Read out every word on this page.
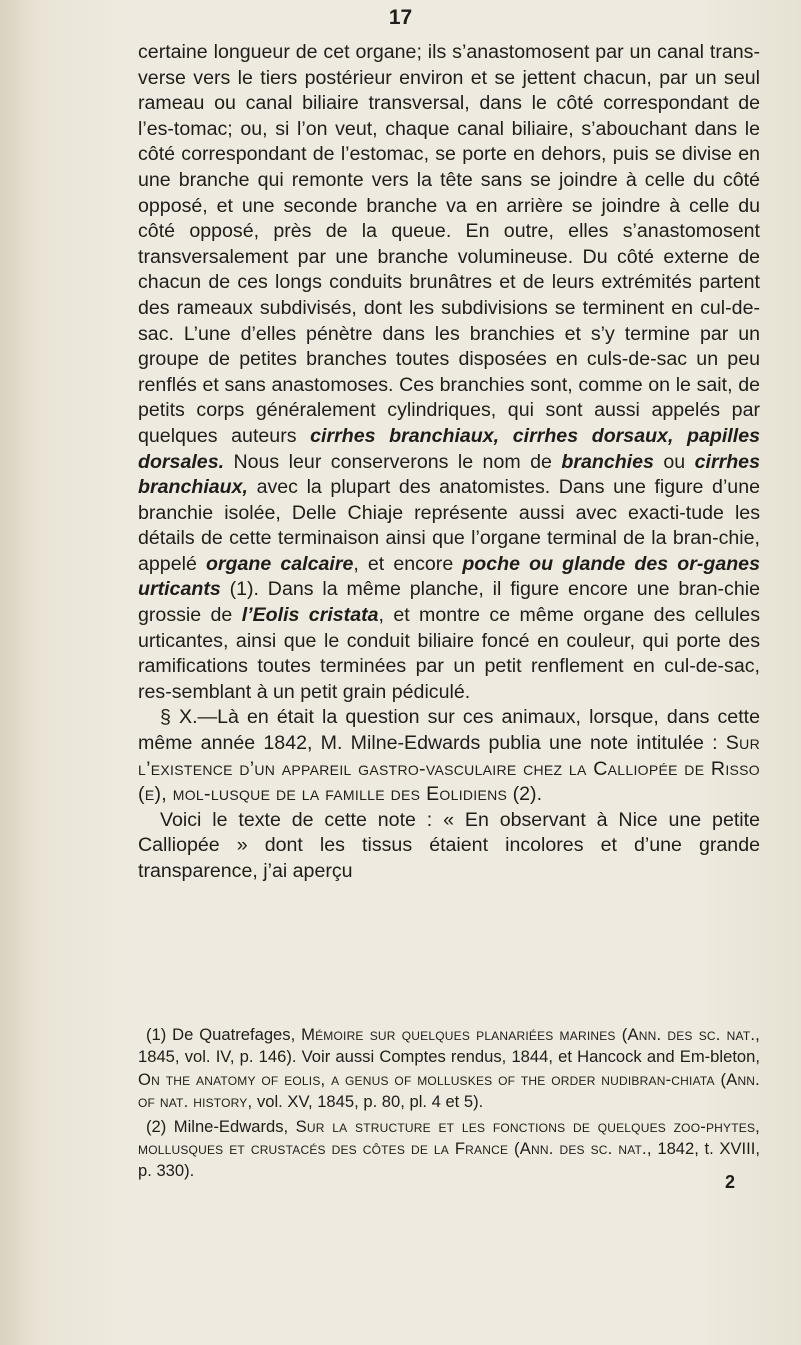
17

certaine longueur de cet organe; ils s’anastomosent par un canal trans-verse vers le tiers postérieur environ et se jettent chacun, par un seul rameau ou canal biliaire transversal, dans le côté correspondant de l’es-tomac; ou, si l’on veut, chaque canal biliaire, s’abouchant dans le côté correspondant de l’estomac, se porte en dehors, puis se divise en une branche qui remonte vers la tête sans se joindre à celle du côté opposé, et une seconde branche va en arrière se joindre à celle du côté opposé, près de la queue. En outre, elles s’anastomosent transversalement par une branche volumineuse. Du côté externe de chacun de ces longs conduits brunâtres et de leurs extrémités partent des rameaux subdivisés, dont les subdivisions se terminent en cul-de-sac. L’une d’elles pénètre dans les branchies et s’y termine par un groupe de petites branches toutes disposées en culs-de-sac un peu renflés et sans anastomoses. Ces branchies sont, comme on le sait, de petits corps généralement cylindriques, qui sont aussi appelés par quelques auteurs cirrhes branchiaux, cirrhes dorsaux, papilles dorsales. Nous leur conserverons le nom de branchies ou cirrhes branchiaux, avec la plupart des anatomistes. Dans une figure d’une branchie isolée, Delle Chiaje représente aussi avec exacti-tude les détails de cette terminaison ainsi que l’organe terminal de la bran-chie, appelé organe calcaire, et encore poche ou glande des or-ganes urticants (1). Dans la même planche, il figure encore une bran-chie grossie de l’Eolis cristata, et montre ce même organe des cellules urticantes, ainsi que le conduit biliaire foncé en couleur, qui porte des ramifications toutes terminées par un petit renflement en cul-de-sac, res-semblant à un petit grain pédiculé.

§ X.—Là en était la question sur ces animaux, lorsque, dans cette même année 1842, M. Milne-Edwards publia une note intitulée : Sur l’existence d’un appareil gastro-vasculaire chez la Calliopée de Risso (e), mol-lusque de la famille des Eolidiens (2).

Voici le texte de cette note : « En observant à Nice une petite Calliopée » dont les tissus étaient incolores et d’une grande transparence, j’ai aperçu

(1) De Quatrefages, Mémoire sur quelques planariées marines (Ann. des sc. nat., 1845, vol. IV, p. 146). Voir aussi Comptes rendus, 1844, et Hancock and Em-bleton, On the anatomy of eolis, a genus of molluskes of the order nudibran-chiata (Ann. of nat. history, vol. XV, 1845, p. 80, pl. 4 et 5).

(2) Milne-Edwards, Sur la structure et les fonctions de quelques zoo-phytes, mollusques et crustacés des côtes de la France (Ann. des sc. nat., 1842, t. XVIII, p. 330).

2
